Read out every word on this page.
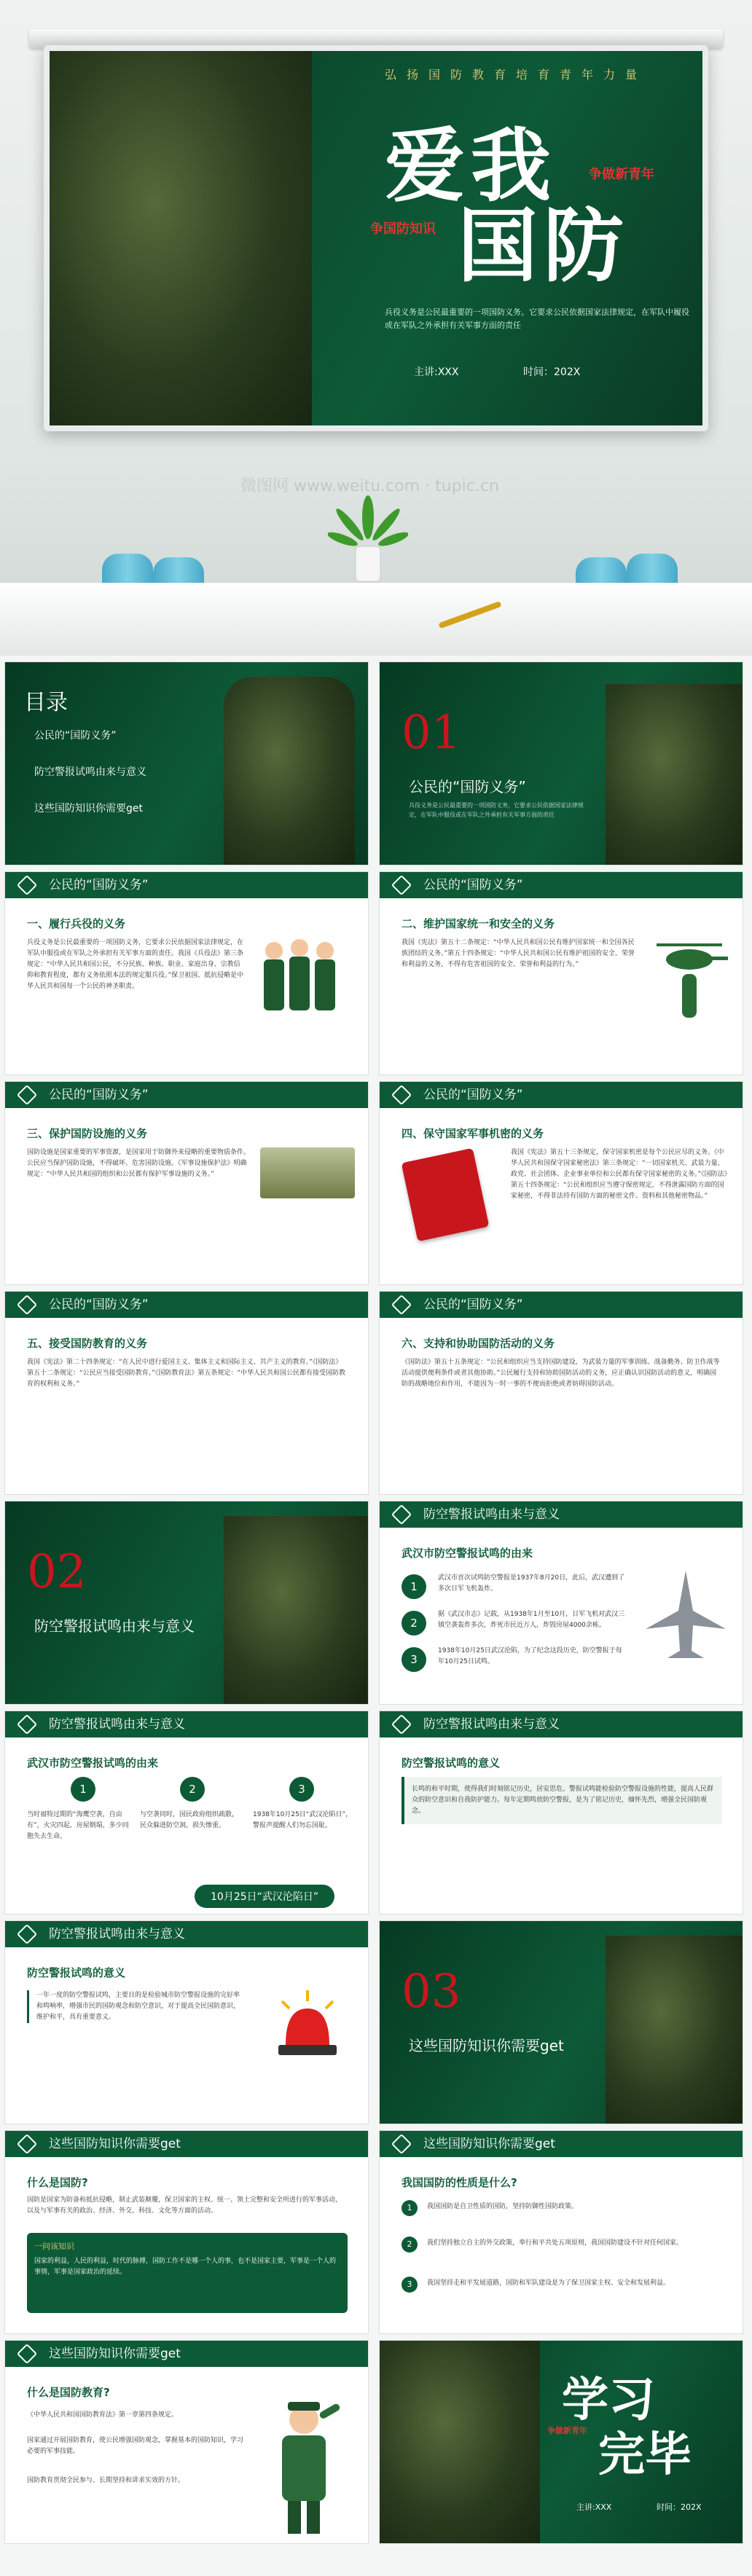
弘扬国防教育培育青年力量
爱我
国防
争做新青年
争国防知识
兵役义务是公民最重要的一项国防义务。它要求公民依据国家法律规定，在军队中履役或在军队之外承担有关军事方面的责任
主讲:XXX	时间：202X
微图网 www.weitu.com · tupic.cn
目录
公民的“国防义务”
防空警报试鸣由来与意义
这些国防知识你需要get
01
公民的“国防义务”
兵役义务是公民最重要的一项国防义务，它要求公民依据国家法律规定，在军队中服役或在军队之外承担有关军事方面的责任
公民的“国防义务”
一、履行兵役的义务
兵役义务是公民最重要的一项国防义务，它要求公民依据国家法律规定，在军队中服役或在军队之外承担有关军事方面的责任。我国《兵役法》第三条规定：“中华人民共和国公民，不分民族、种族、职业、家庭出身、宗教信仰和教育程度，都有义务依照本法的规定服兵役。”保卫祖国、抵抗侵略是中华人民共和国每一个公民的神圣职责。
公民的“国防义务”
二、维护国家统一和安全的义务
我国《宪法》第五十二条规定：“中华人民共和国公民有维护国家统一和全国各民族团结的义务。”第五十四条规定：“中华人民共和国公民有维护祖国的安全、荣誉和利益的义务，不得有危害祖国的安全、荣誉和利益的行为。”
公民的“国防义务”
三、保护国防设施的义务
国防设施是国家重要的军事资源，是国家用于防御外来侵略的重要物质条件。公民应当保护国防设施，不得破坏、危害国防设施。《军事设施保护法》明确规定：“中华人民共和国的组织和公民都有保护军事设施的义务。”
公民的“国防义务”
四、保守国家军事机密的义务
我国《宪法》第五十三条规定，保守国家机密是每个公民应尽的义务。《中华人民共和国保守国家秘密法》第三条规定：“一切国家机关、武装力量、政党、社会团体、企业事业单位和公民都有保守国家秘密的义务。”《国防法》第五十四条规定：“公民和组织应当遵守保密规定，不得泄露国防方面的国家秘密，不得非法持有国防方面的秘密文件、资料和其他秘密物品。”
公民的“国防义务”
五、接受国防教育的义务
我国《宪法》第二十四条规定：“在人民中进行爱国主义、集体主义和国际主义、共产主义的教育。”《国防法》第五十二条规定：“公民应当接受国防教育。”《国防教育法》第五条规定：“中华人民共和国公民都有接受国防教育的权利和义务。”
公民的“国防义务”
六、支持和协助国防活动的义务
《国防法》第五十五条规定：“公民和组织应当支持国防建设，为武装力量的军事训练、战备勤务、防卫作战等活动提供便利条件或者其他协助。”公民履行支持和协助国防活动的义务，应正确认识国防活动的意义，明确国防的战略地位和作用，不能因为一时一事的不便而拒绝或者妨碍国防活动。
02
防空警报试鸣由来与意义
防空警报试鸣由来与意义
武汉市防空警报试鸣的由来
1
武汉市首次试鸣防空警报是1937年8月20日，此后，武汉遭到了多次日军飞机轰炸。
2
据《武汉市志》记载，从1938年1月至10月，日军飞机对武汉三镇空袭轰炸多次，炸死市民近万人，炸毁房屋4000余栋。
3
1938年10月25日武汉沦陷，为了纪念这段历史，防空警报于每年10月25日试鸣。
防空警报试鸣由来与意义
武汉市防空警报试鸣的由来
1	2	3
当时福特过期的“海鹰空袭，自由有”，火灾四起，房屋倒塌，多少同胞失去生命。
与空袭同时，国民政府组织疏散，民众躲进防空洞，损失惨重。
1938年10月25日“武汉沦陷日”，警报声提醒人们勿忘国耻。
10月25日“武汉沦陷日”
防空警报试鸣由来与意义
防空警报试鸣的意义
长鸣的和平时期，使得我们时刻铭记历史，居安思危。警报试鸣能检验防空警报设施的性能，提高人民群众的防空意识和自我防护能力。每年定期鸣放防空警报，是为了铭记历史，缅怀先烈，增强全民国防观念。
防空警报试鸣由来与意义
防空警报试鸣的意义
一年一度的防空警报试鸣，主要目的是检验城市防空警报设施的完好率和鸣响率，增强市民的国防观念和防空意识，对于提高全民国防意识，维护和平，具有重要意义。	03
这些国防知识你需要get
这些国防知识你需要get
什么是国防?
国防是国家为防备和抵抗侵略，制止武装颠覆，保卫国家的主权、统一、领土完整和安全所进行的军事活动，以及与军事有关的政治、经济、外交、科技、文化等方面的活动。
一问该知识
国家的利益，人民的利益，时代的脉搏，国防工作不是哪一个人的事，也不是国家主要，军事是一个人的事情，军事是国家政治的延续。
这些国防知识你需要get
我国国防的性质是什么?
1	我国国防是自卫性质的国防，坚持防御性国防政策。
2	我们坚持独立自主的外交政策，奉行和平共处五项原则，我国国防建设不针对任何国家。
3	我国坚持走和平发展道路，国防和军队建设是为了保卫国家主权、安全和发展利益。
这些国防知识你需要get
什么是国防教育?
《中华人民共和国国防教育法》第一章第四条规定。
国家通过开展国防教育，使公民增强国防观念，掌握基本的国防知识，学习必要的军事技能。
国防教育贯彻全民参与、长期坚持和讲求实效的方针。
学习
完毕
争做新青年
主讲:XXX	时间：202X
